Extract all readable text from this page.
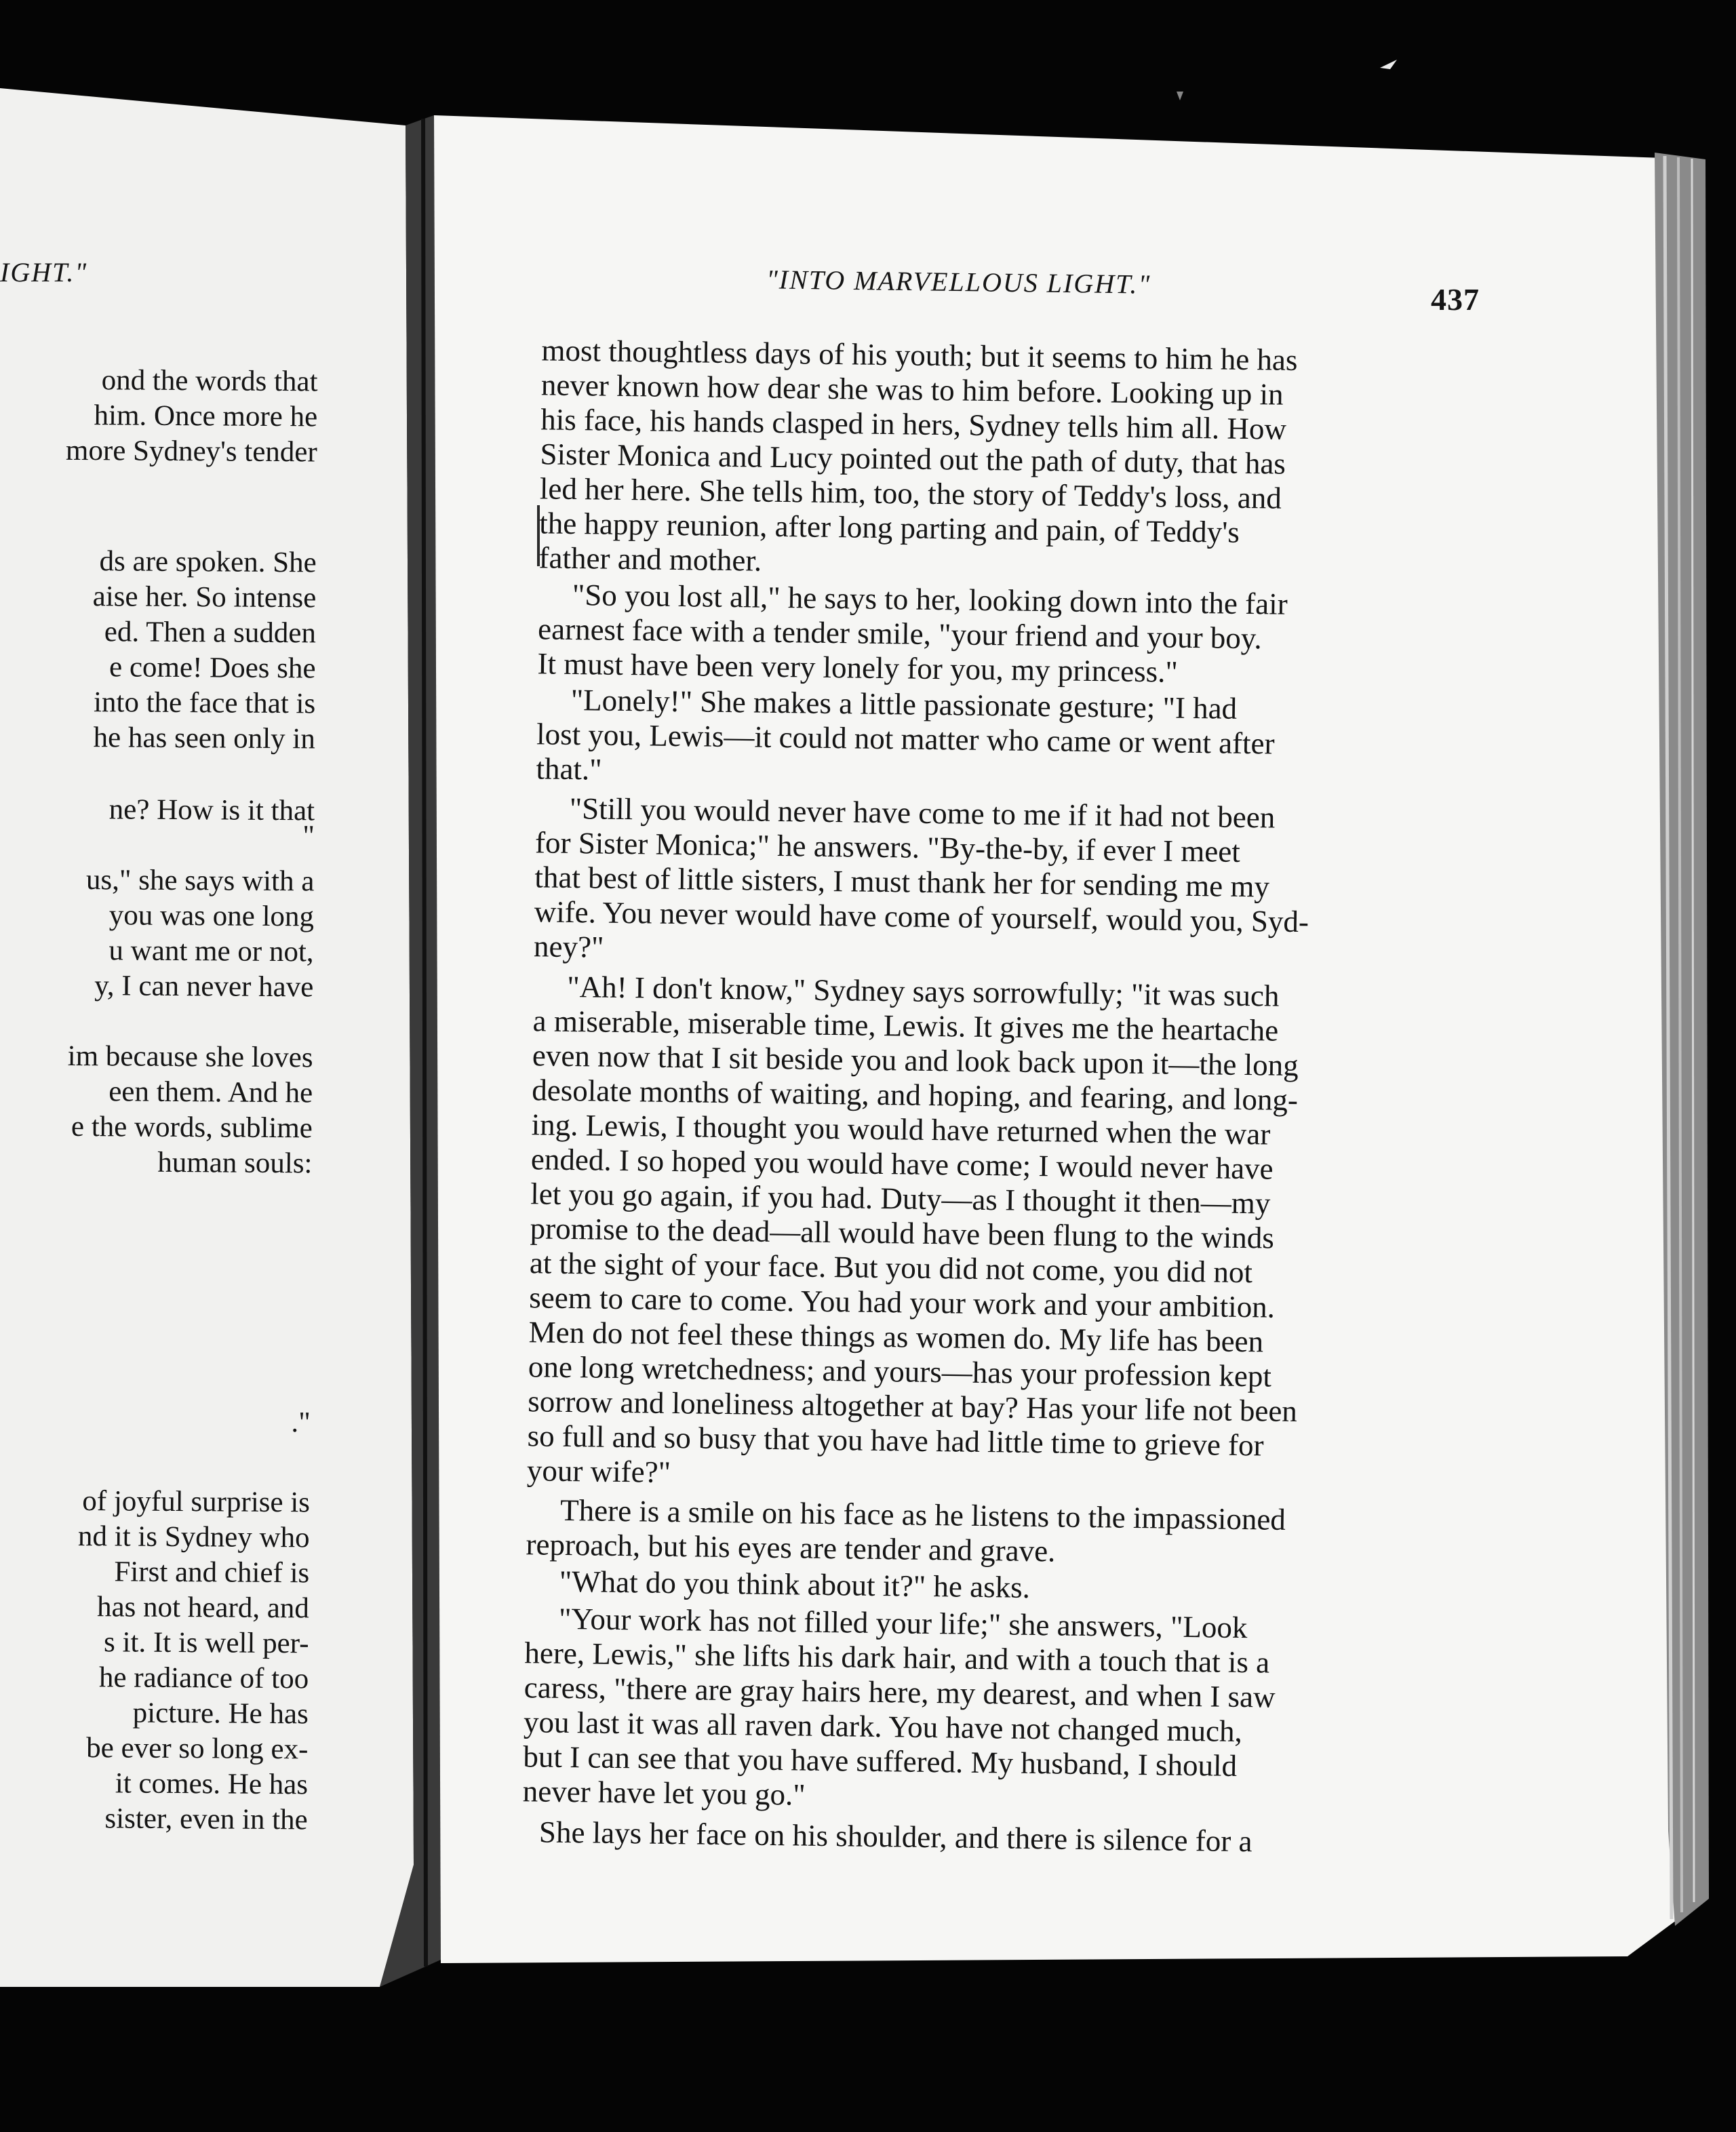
IGHT."	"INTO MARVELLOUS LIGHT."	437
ond the words that
him. Once more he
more Sydney's tender
ds are spoken. She
aise her. So intense
ed. Then a sudden
e come! Does she
into the face that is
he has seen only in
ne? How is it that
"
us," she says with a
you was one long
u want me or not,
y, I can never have
im because she loves
een them. And he
e the words, sublime
human souls:
."
of joyful surprise is
nd it is Sydney who
First and chief is
has not heard, and
s it. It is well per-
he radiance of too
picture. He has
be ever so long ex-
it comes. He has
sister, even in the
most thoughtless days of his youth; but it seems to him he has
never known how dear she was to him before. Looking up in
his face, his hands clasped in hers, Sydney tells him all. How
Sister Monica and Lucy pointed out the path of duty, that has
led her here. She tells him, too, the story of Teddy's loss, and
the happy reunion, after long parting and pain, of Teddy's
father and mother.
"So you lost all," he says to her, looking down into the fair
earnest face with a tender smile, "your friend and your boy.
It must have been very lonely for you, my princess."
"Lonely!" She makes a little passionate gesture; "I had
lost you, Lewis—it could not matter who came or went after
that."
"Still you would never have come to me if it had not been
for Sister Monica;" he answers. "By-the-by, if ever I meet
that best of little sisters, I must thank her for sending me my
wife. You never would have come of yourself, would you, Syd-
ney?"
"Ah! I don't know," Sydney says sorrowfully; "it was such
a miserable, miserable time, Lewis. It gives me the heartache
even now that I sit beside you and look back upon it—the long
desolate months of waiting, and hoping, and fearing, and long-
ing. Lewis, I thought you would have returned when the war
ended. I so hoped you would have come; I would never have
let you go again, if you had. Duty—as I thought it then—my
promise to the dead—all would have been flung to the winds
at the sight of your face. But you did not come, you did not
seem to care to come. You had your work and your ambition.
Men do not feel these things as women do. My life has been
one long wretchedness; and yours—has your profession kept
sorrow and loneliness altogether at bay? Has your life not been
so full and so busy that you have had little time to grieve for
your wife?"
There is a smile on his face as he listens to the impassioned
reproach, but his eyes are tender and grave.
"What do you think about it?" he asks.
"Your work has not filled your life;" she answers, "Look
here, Lewis," she lifts his dark hair, and with a touch that is a
caress, "there are gray hairs here, my dearest, and when I saw
you last it was all raven dark. You have not changed much,
but I can see that you have suffered. My husband, I should
never have let you go."
She lays her face on his shoulder, and there is silence for a
